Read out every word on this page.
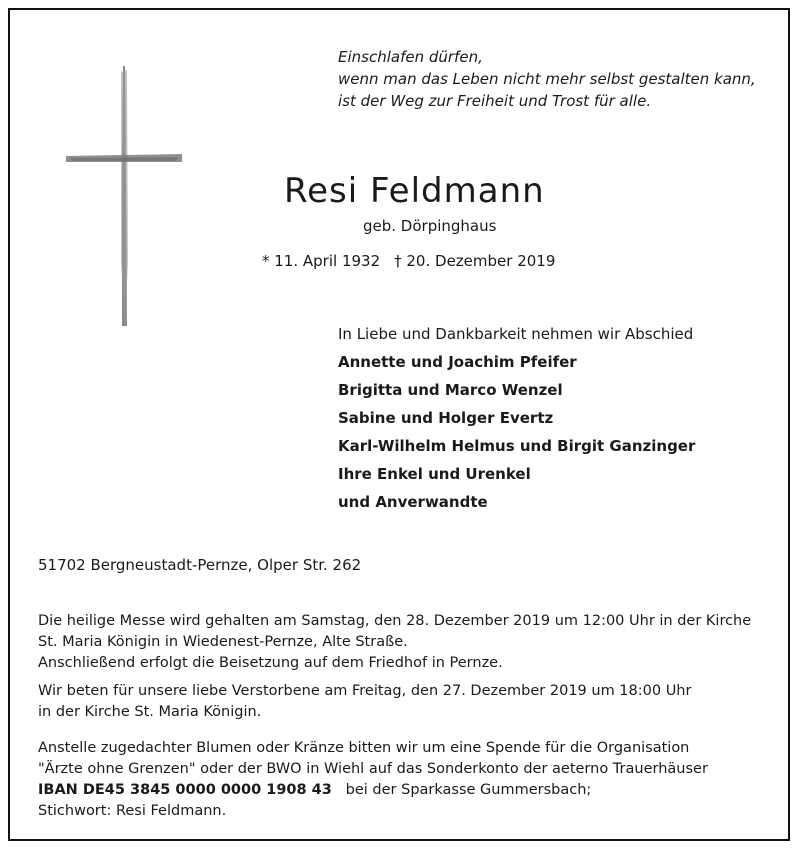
Einschlafen dürfen,
wenn man das Leben nicht mehr selbst gestalten kann,
ist der Weg zur Freiheit und Trost für alle.
Resi Feldmann
geb. Dörpinghaus
* 11. April 1932 † 20. Dezember 2019
In Liebe und Dankbarkeit nehmen wir Abschied
Annette und Joachim Pfeifer
Brigitta und Marco Wenzel
Sabine und Holger Evertz
Karl-Wilhelm Helmus und Birgit Ganzinger
Ihre Enkel und Urenkel
und Anverwandte
51702 Bergneustadt-Pernze, Olper Str. 262
Die heilige Messe wird gehalten am Samstag, den 28. Dezember 2019 um 12:00 Uhr in der Kirche
St. Maria Königin in Wiedenest-Pernze, Alte Straße.
Anschließend erfolgt die Beisetzung auf dem Friedhof in Pernze.
Wir beten für unsere liebe Verstorbene am Freitag, den 27. Dezember 2019 um 18:00 Uhr
in der Kirche St. Maria Königin.
Anstelle zugedachter Blumen oder Kränze bitten wir um eine Spende für die Organisation
"Ärzte ohne Grenzen" oder der BWO in Wiehl auf das Sonderkonto der aeterno Trauerhäuser
IBAN DE45 3845 0000 0000 1908 43 bei der Sparkasse Gummersbach;
Stichwort: Resi Feldmann.
